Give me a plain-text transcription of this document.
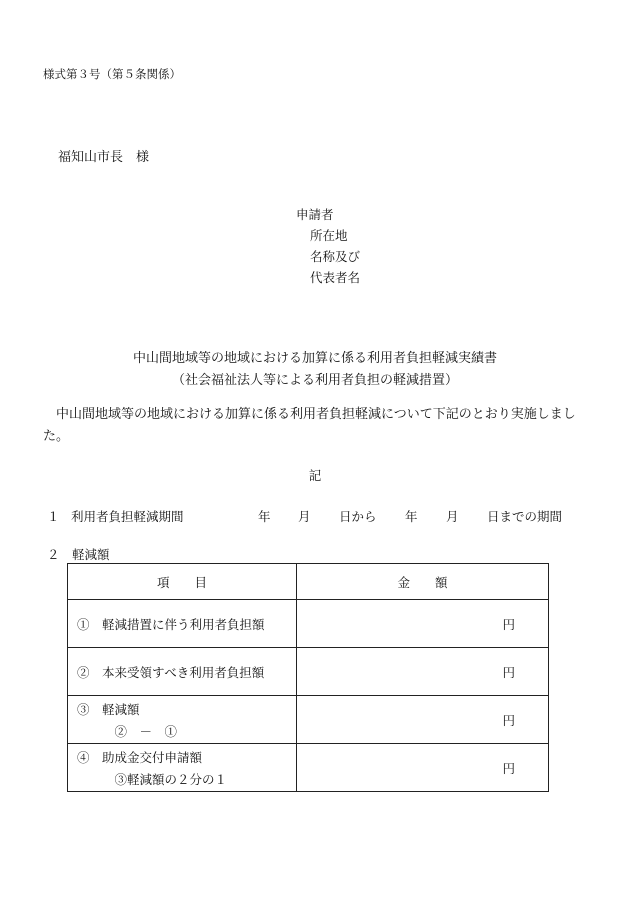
様式第３号（第５条関係）
福知山市長　様
申請者
所在地
名称及び
代表者名
中山間地域等の地域における加算に係る利用者負担軽減実績書
（社会福祉法人等による利用者負担の軽減措置）
中山間地域等の地域における加算に係る利用者負担軽減について下記のとおり実施しました。
記
１ 利用者負担軽減期間	年 月 日から 年 月 日までの期間
２　軽減額
項　　目	金　　額
①　軽減措置に伴う利用者負担額	円
②　本来受領すべき利用者負担額	円
③　軽減額
　　　②　－　①	円
④　助成金交付申請額
　　　③軽減額の２分の１	円
